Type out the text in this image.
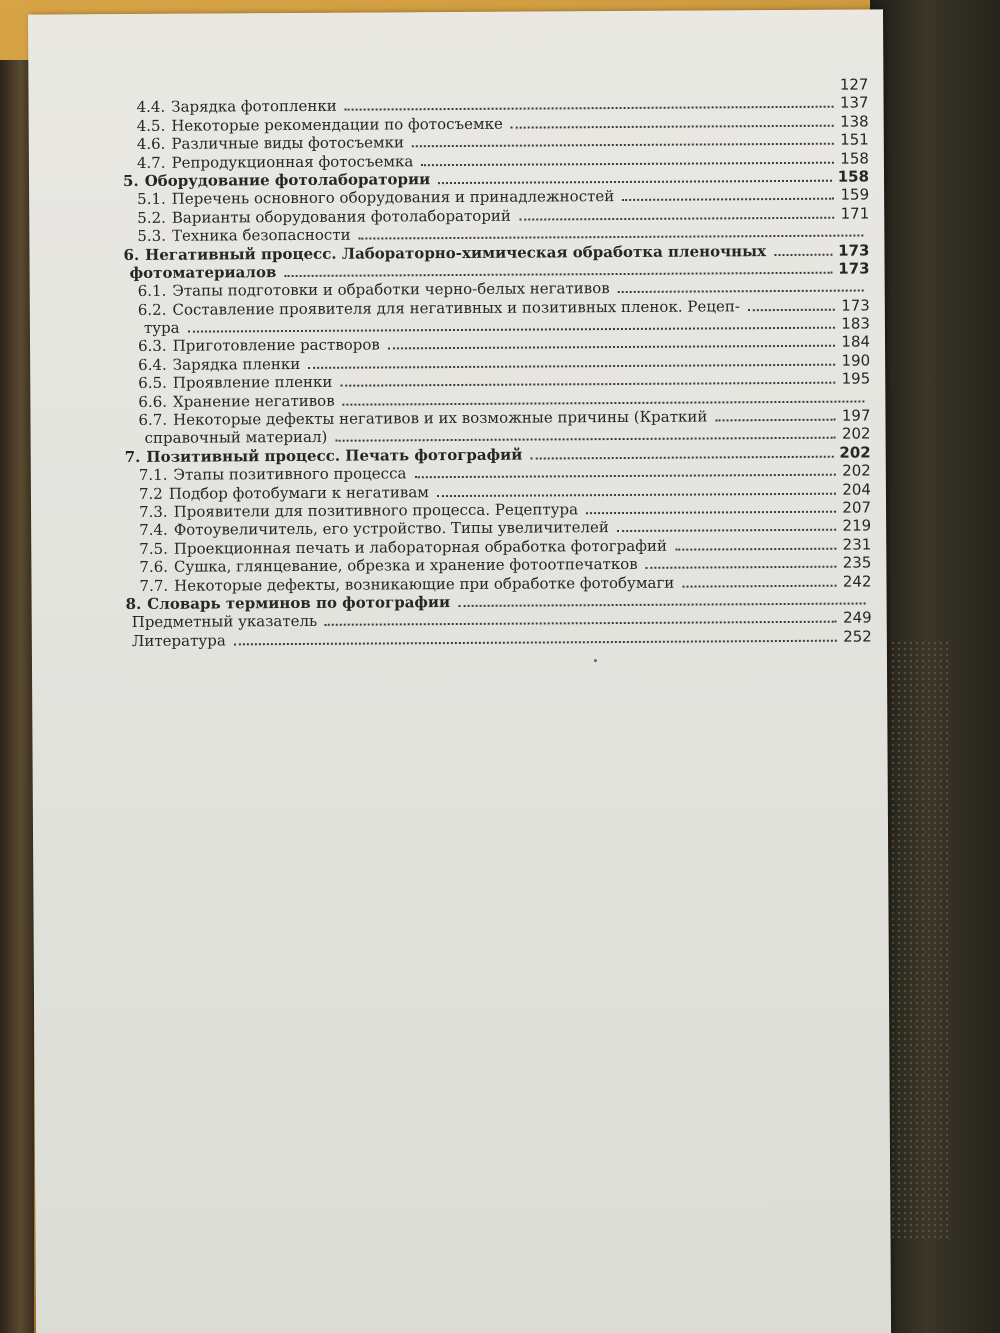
127
4.4. Зарядка фотопленки	137
4.5. Некоторые рекомендации по фотосъемке	138
4.6. Различные виды фотосъемки	151
4.7. Репродукционная фотосъемка	158
5. Оборудование фотолаборатории	158
5.1. Перечень основного оборудования и принадлежностей	159
5.2. Варианты оборудования фотолабораторий	171
5.3. Техника безопасности
6. Негативный процесс. Лабораторно-химическая обработка пленочных	173
фотоматериалов	173
6.1. Этапы подготовки и обработки черно-белых негативов
6.2. Составление проявителя для негативных и позитивных пленок. Рецеп-	173
тура	183
6.3. Приготовление растворов	184
6.4. Зарядка пленки	190
6.5. Проявление пленки	195
6.6. Хранение негативов
6.7. Некоторые дефекты негативов и их возможные причины (Краткий	197
справочный материал)	202
7. Позитивный процесс. Печать фотографий	202
7.1. Этапы позитивного процесса	202
7.2 Подбор фотобумаги к негативам	204
7.3. Проявители для позитивного процесса. Рецептура	207
7.4. Фотоувеличитель, его устройство. Типы увеличителей	219
7.5. Проекционная печать и лабораторная обработка фотографий	231
7.6. Сушка, глянцевание, обрезка и хранение фотоотпечатков	235
7.7. Некоторые дефекты, возникающие при обработке фотобумаги	242
8. Словарь терминов по фотографии
Предметный указатель	249
Литература	252
